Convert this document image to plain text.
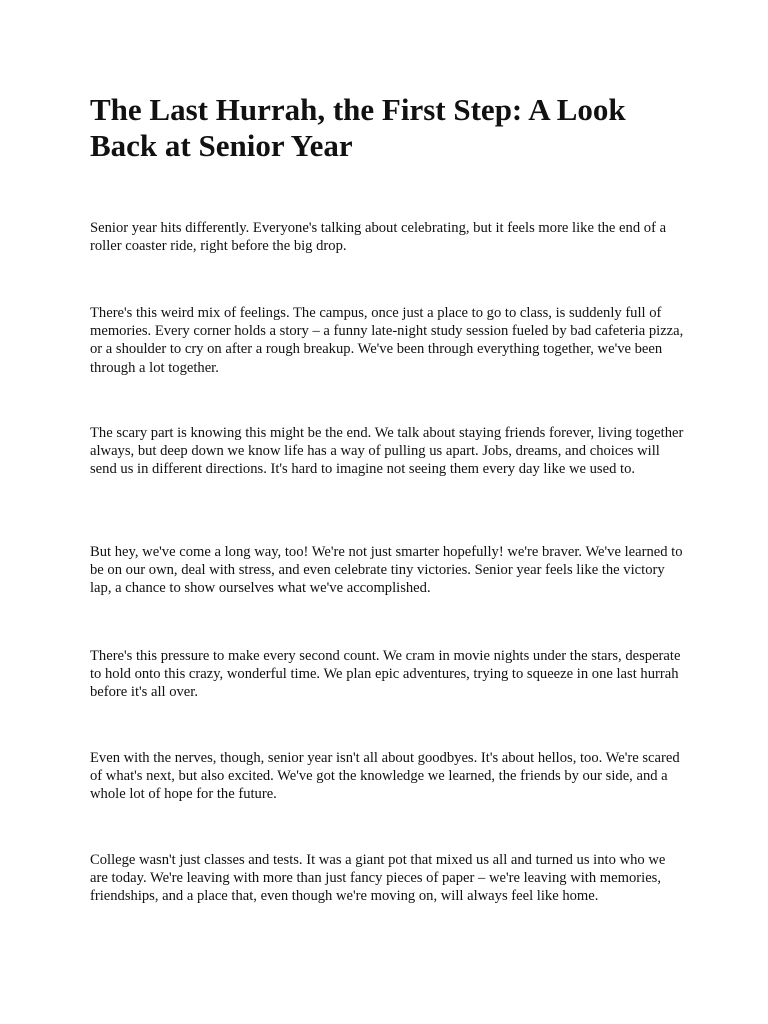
The Last Hurrah, the First Step: A Look Back at Senior Year

Senior year hits differently. Everyone's talking about celebrating, but it feels more like the end of a roller coaster ride, right before the big drop.

There's this weird mix of feelings. The campus, once just a place to go to class, is suddenly full of memories. Every corner holds a story – a funny late-night study session fueled by bad cafeteria pizza, or a shoulder to cry on after a rough breakup. We've been through everything together, we've been through a lot together.

The scary part is knowing this might be the end. We talk about staying friends forever, living together always, but deep down we know life has a way of pulling us apart. Jobs, dreams, and choices will send us in different directions. It's hard to imagine not seeing them every day like we used to.

But hey, we've come a long way, too! We're not just smarter hopefully! we're braver. We've learned to be on our own, deal with stress, and even celebrate tiny victories. Senior year feels like the victory lap, a chance to show ourselves what we've accomplished.

There's this pressure to make every second count. We cram in movie nights under the stars, desperate to hold onto this crazy, wonderful time. We plan epic adventures, trying to squeeze in one last hurrah before it's all over.

Even with the nerves, though, senior year isn't all about goodbyes. It's about hellos, too. We're scared of what's next, but also excited. We've got the knowledge we learned, the friends by our side, and a whole lot of hope for the future.

College wasn't just classes and tests. It was a giant pot that mixed us all and turned us into who we are today. We're leaving with more than just fancy pieces of paper – we're leaving with memories, friendships, and a place that, even though we're moving on, will always feel like home.
